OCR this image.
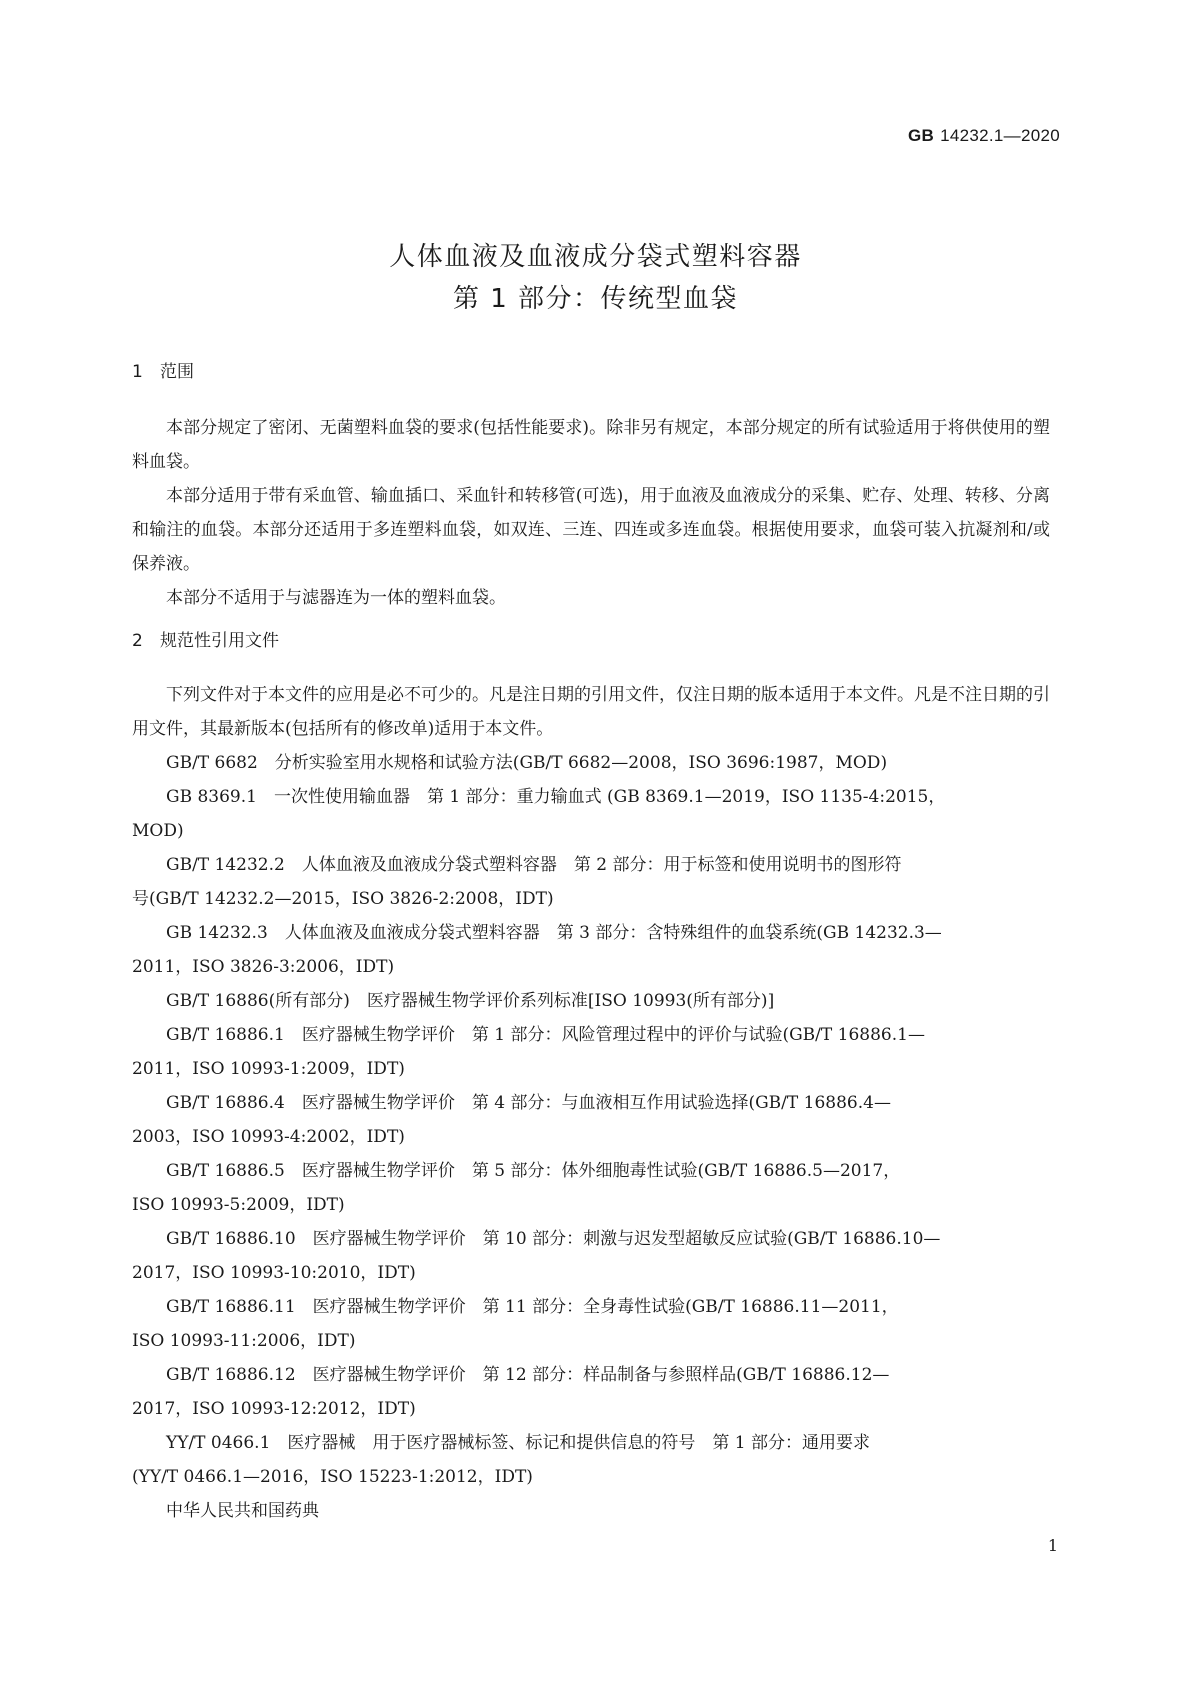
GB 14232.1—2020
人体血液及血液成分袋式塑料容器
第 1 部分：传统型血袋
1 范围

本部分规定了密闭、无菌塑料血袋的要求(包括性能要求)。除非另有规定，本部分规定的所有试验适用于将供使用的塑料血袋。

本部分适用于带有采血管、输血插口、采血针和转移管(可选)，用于血液及血液成分的采集、贮存、处理、转移、分离和输注的血袋。本部分还适用于多连塑料血袋，如双连、三连、四连或多连血袋。根据使用要求，血袋可装入抗凝剂和/或保养液。

本部分不适用于与滤器连为一体的塑料血袋。

2 规范性引用文件

下列文件对于本文件的应用是必不可少的。凡是注日期的引用文件，仅注日期的版本适用于本文件。凡是不注日期的引用文件，其最新版本(包括所有的修改单)适用于本文件。

GB/T 6682　分析实验室用水规格和试验方法(GB/T 6682—2008，ISO 3696:1987，MOD)
GB 8369.1　一次性使用输血器　第 1 部分：重力输血式 (GB 8369.1—2019，ISO 1135-4:2015，
MOD)
GB/T 14232.2　人体血液及血液成分袋式塑料容器　第 2 部分：用于标签和使用说明书的图形符
号(GB/T 14232.2—2015，ISO 3826-2:2008，IDT)
GB 14232.3　人体血液及血液成分袋式塑料容器　第 3 部分：含特殊组件的血袋系统(GB 14232.3—
2011，ISO 3826-3:2006，IDT)
GB/T 16886(所有部分)　医疗器械生物学评价系列标准[ISO 10993(所有部分)]
GB/T 16886.1　医疗器械生物学评价　第 1 部分：风险管理过程中的评价与试验(GB/T 16886.1—
2011，ISO 10993-1:2009，IDT)
GB/T 16886.4　医疗器械生物学评价　第 4 部分：与血液相互作用试验选择(GB/T 16886.4—
2003，ISO 10993-4:2002，IDT)
GB/T 16886.5　医疗器械生物学评价　第 5 部分：体外细胞毒性试验(GB/T 16886.5—2017，
ISO 10993-5:2009，IDT)
GB/T 16886.10　医疗器械生物学评价　第 10 部分：刺激与迟发型超敏反应试验(GB/T 16886.10—
2017，ISO 10993-10:2010，IDT)
GB/T 16886.11　医疗器械生物学评价　第 11 部分：全身毒性试验(GB/T 16886.11—2011，
ISO 10993-11:2006，IDT)
GB/T 16886.12　医疗器械生物学评价　第 12 部分：样品制备与参照样品(GB/T 16886.12—
2017，ISO 10993-12:2012，IDT)
YY/T 0466.1　医疗器械　用于医疗器械标签、标记和提供信息的符号　第 1 部分：通用要求
(YY/T 0466.1—2016，ISO 15223-1:2012，IDT)
中华人民共和国药典
1
